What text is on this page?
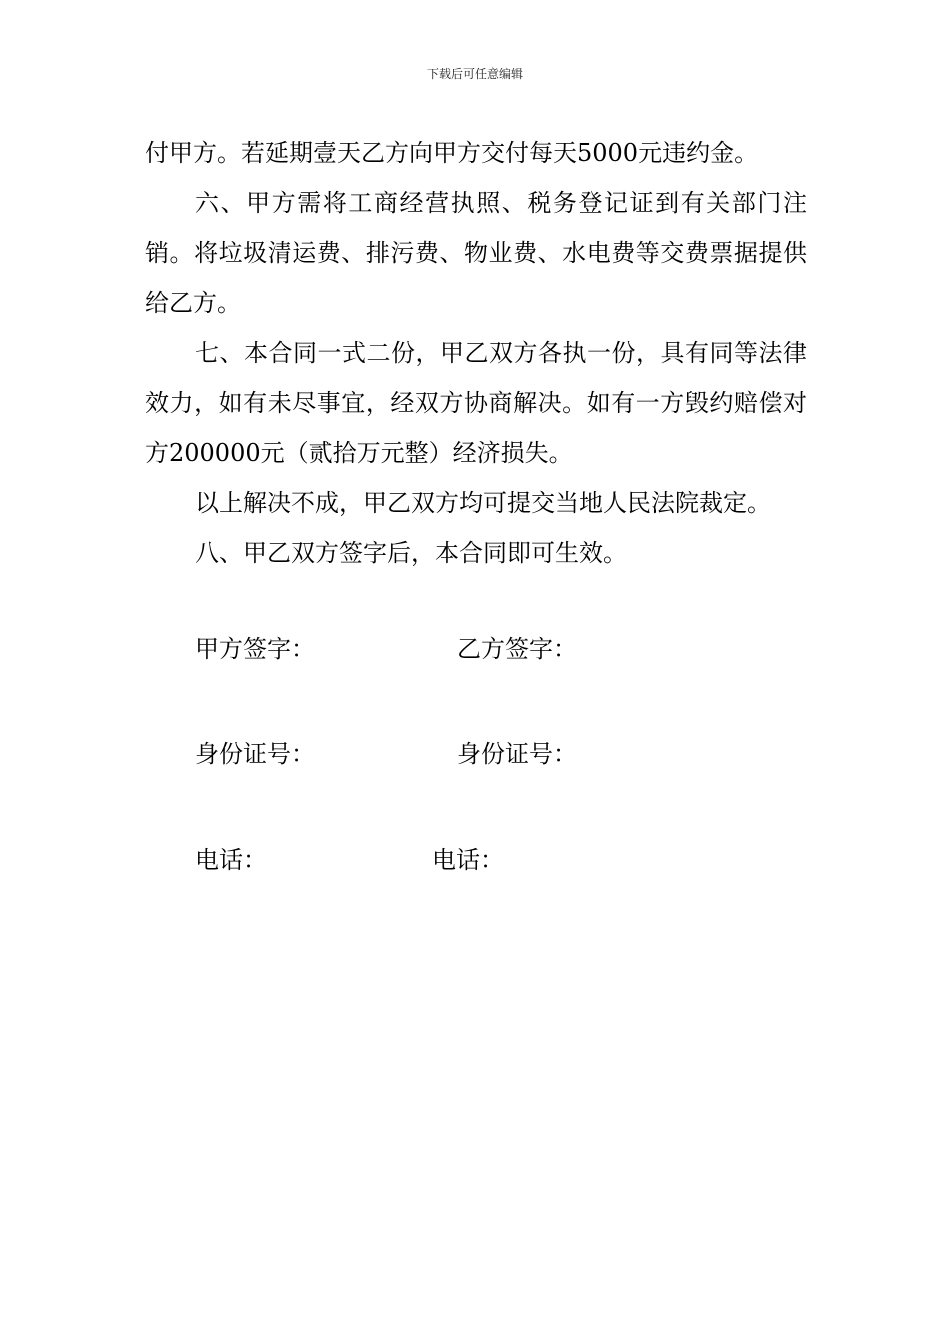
下载后可任意编辑

付甲方。若延期壹天乙方向甲方交付每天5000元违约金。

六、甲方需将工商经营执照、税务登记证到有关部门注销。将垃圾清运费、排污费、物业费、水电费等交费票据提供给乙方。

七、本合同一式二份，甲乙双方各执一份，具有同等法律效力，如有未尽事宜，经双方协商解决。如有一方毁约赔偿对方200000元（贰拾万元整）经济损失。

以上解决不成，甲乙双方均可提交当地人民法院裁定。

八、甲乙双方签字后，本合同即可生效。

甲方签字：	乙方签字：
身份证号：	身份证号：
电话：	电话：
